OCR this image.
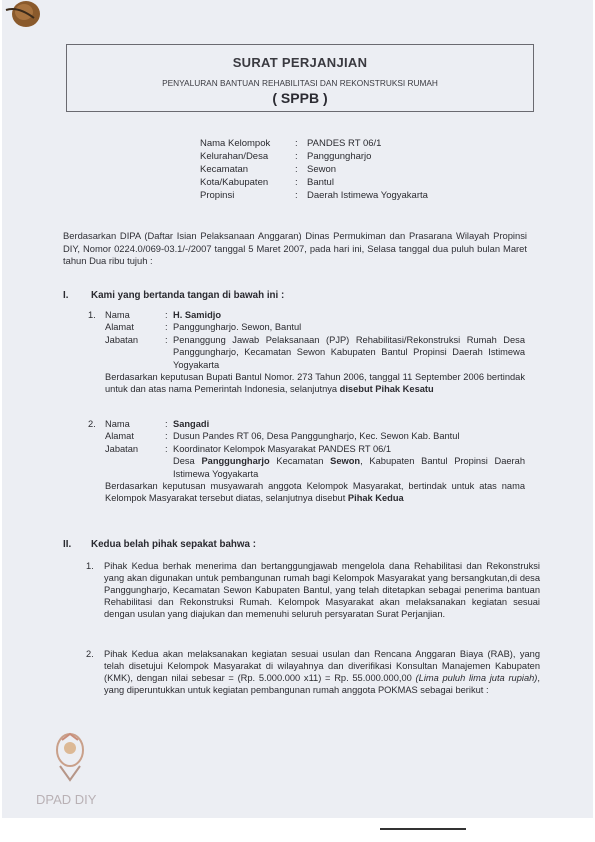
SURAT PERJANJIAN
PENYALURAN BANTUAN REHABILITASI DAN REKONSTRUKSI RUMAH
( SPPB )
Nama Kelompok	: PANDES RT 06/1
Kelurahan/Desa	: Panggungharjo
Kecamatan	: Sewon
Kota/Kabupaten	: Bantul
Propinsi	: Daerah Istimewa Yogyakarta
Berdasarkan DIPA (Daftar Isian Pelaksanaan Anggaran) Dinas Permukiman dan Prasarana Wilayah Propinsi DIY, Nomor 0224.0/069-03.1/-/2007 tanggal 5 Maret 2007, pada hari ini, Selasa tanggal dua puluh bulan Maret tahun Dua ribu tujuh :
I. Kami yang bertanda tangan di bawah ini :
1. Nama	: H. Samidjo
Alamat	: Panggungharjo. Sewon, Bantul
Jabatan	: Penanggung Jawab Pelaksanaan (PJP) Rehabilitasi/Rekonstruksi Rumah Desa Panggungharjo, Kecamatan Sewon Kabupaten Bantul Propinsi Daerah Istimewa Yogyakarta
Berdasarkan keputusan Bupati Bantul Nomor. 273 Tahun 2006, tanggal 11 September 2006 bertindak untuk dan atas nama Pemerintah Indonesia, selanjutnya disebut Pihak Kesatu
2. Nama	: Sangadi
Alamat	: Dusun Pandes RT 06, Desa Panggungharjo, Kec. Sewon Kab. Bantul
Jabatan	: Koordinator Kelompok Masyarakat PANDES RT 06/1
Desa Panggungharjo Kecamatan Sewon, Kabupaten Bantul Propinsi Daerah Istimewa Yogyakarta
Berdasarkan keputusan musyawarah anggota Kelompok Masyarakat, bertindak untuk atas nama Kelompok Masyarakat tersebut diatas, selanjutnya disebut Pihak Kedua
II. Kedua belah pihak sepakat bahwa :
1.	Pihak Kedua berhak menerima dan bertanggungjawab mengelola dana Rehabilitasi dan Rekonstruksi yang akan digunakan untuk pembangunan rumah bagi Kelompok Masyarakat yang bersangkutan,di desa Panggungharjo, Kecamatan Sewon Kabupaten Bantul, yang telah ditetapkan sebagai penerima bantuan Rehabilitasi dan Rekonstruksi Rumah. Kelompok Masyarakat akan melaksanakan kegiatan sesuai dengan usulan yang diajukan dan memenuhi seluruh persyaratan Surat Perjanjian.
2.	Pihak Kedua akan melaksanakan kegiatan sesuai usulan dan Rencana Anggaran Biaya (RAB), yang telah disetujui Kelompok Masyarakat di wilayahnya dan diverifikasi Konsultan Manajemen Kabupaten (KMK), dengan nilai sebesar = (Rp. 5.000.000 x11) = Rp. 55.000.000,00 (Lima puluh lima juta rupiah), yang diperuntukkan untuk kegiatan pembangunan rumah anggota POKMAS sebagai berikut :
DPAD DIY
